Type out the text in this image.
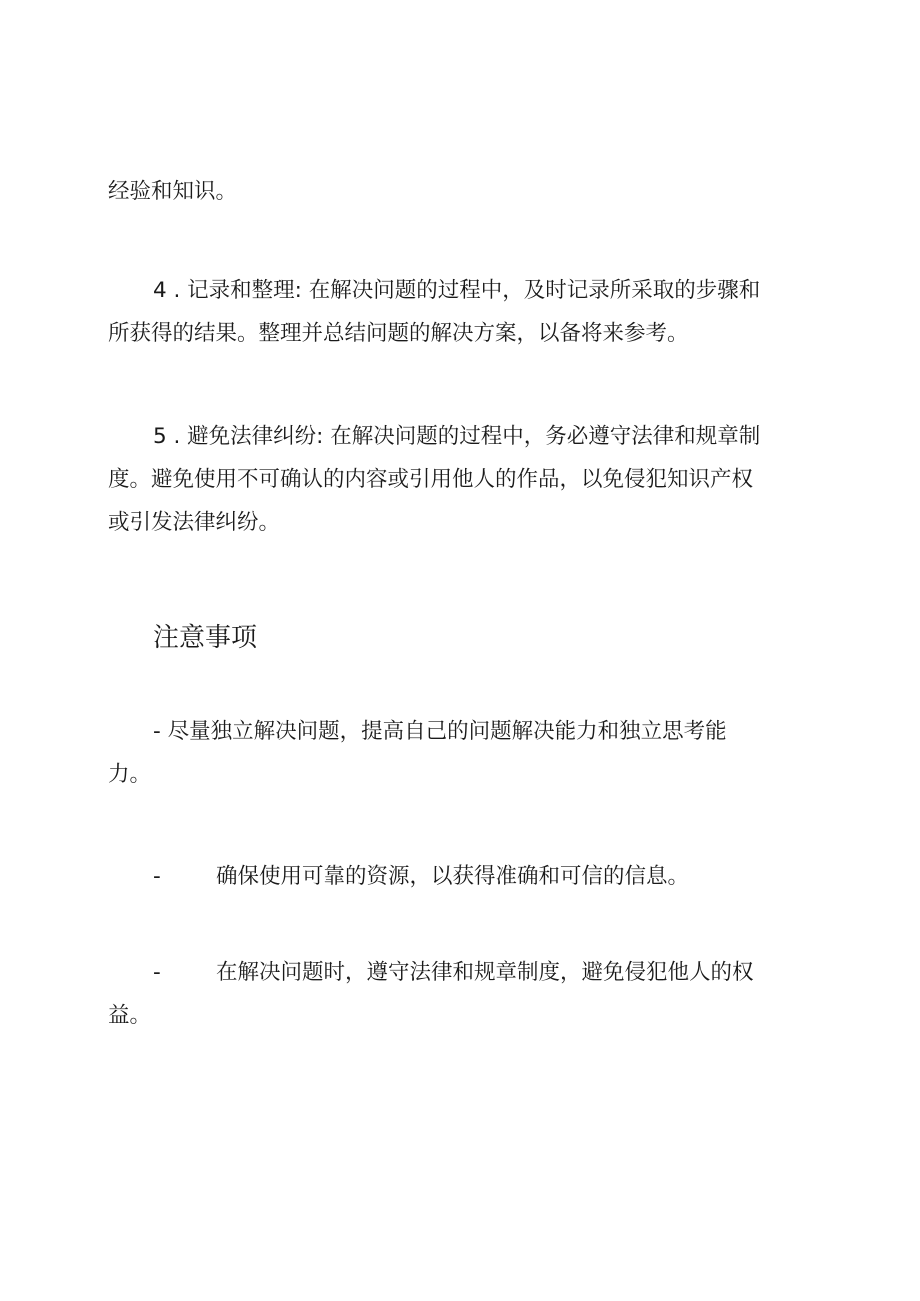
经验和知识。

4 . 记录和整理: 在解决问题的过程中，及时记录所采取的步骤和
所获得的结果。整理并总结问题的解决方案，以备将来参考。

5 . 避免法律纠纷: 在解决问题的过程中，务必遵守法律和规章制
度。避免使用不可确认的内容或引用他人的作品，以免侵犯知识产权
或引发法律纠纷。

注意事项

- 尽量独立解决问题，提高自己的问题解决能力和独立思考能
力。

-	确保使用可靠的资源，以获得准确和可信的信息。

-	在解决问题时，遵守法律和规章制度，避免侵犯他人的权
益。
